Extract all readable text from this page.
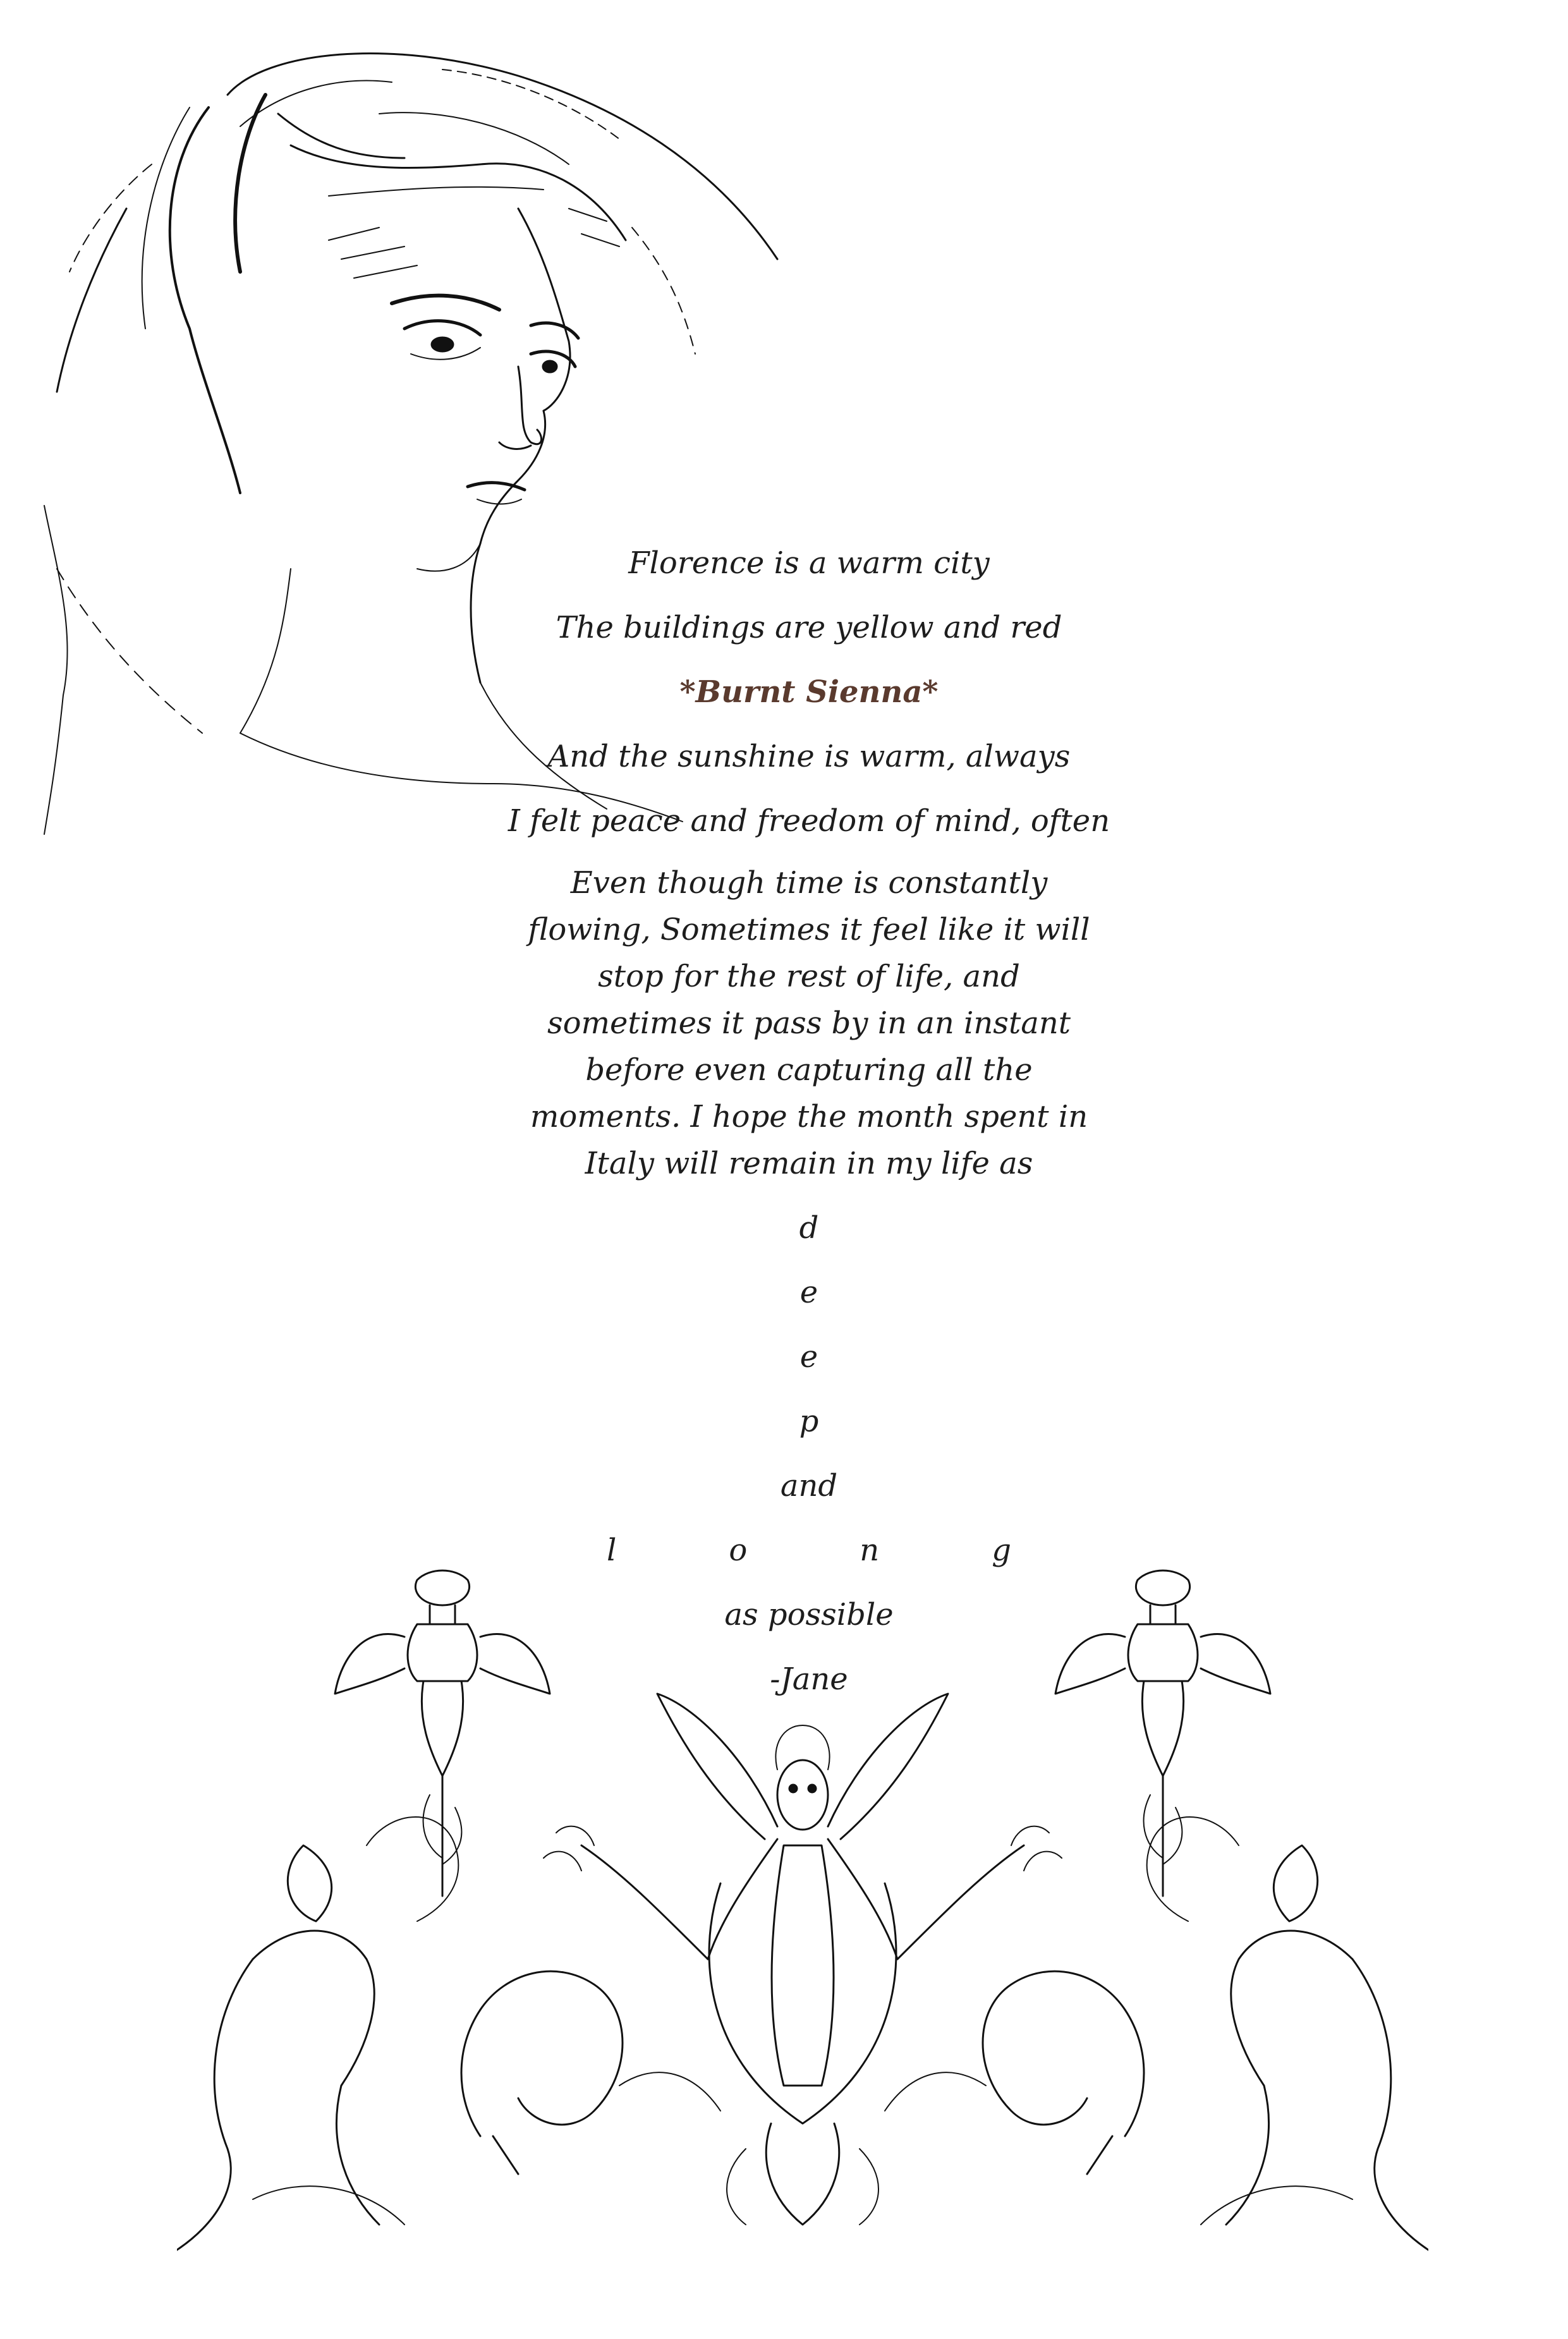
Florence is a warm city
The buildings are yellow and red
*Burnt Sienna*
And the sunshine is warm, always
I felt peace and freedom of mind, often
Even though time is constantly flowing, Sometimes it feel like it will stop for the rest of life, and sometimes it pass by in an instant before even capturing all the moments. I hope the month spent in Italy will remain in my life as
d
e
e
p
and
l	o	n	g
as possible
-Jane
